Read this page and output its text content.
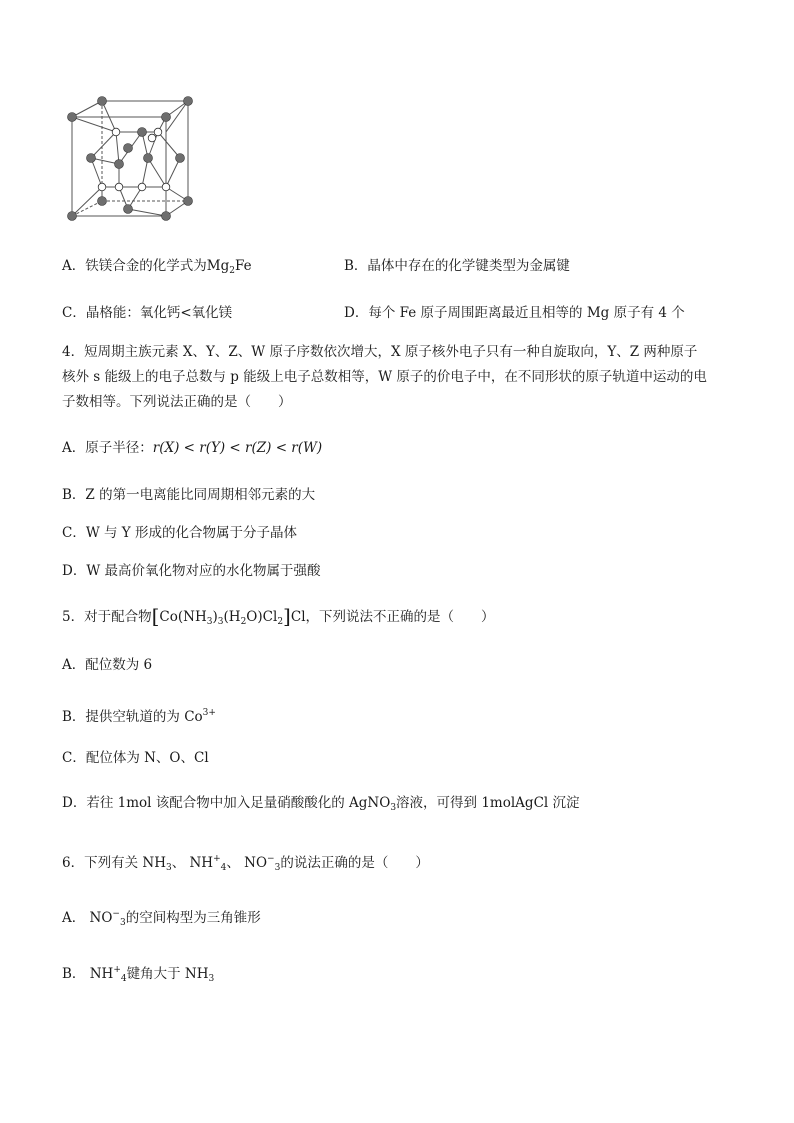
A．铁镁合金的化学式为$Mg_2Fe$	B．晶体中存在的化学键类型为金属键
C．晶格能：氧化钙<氧化镁	D．每个 Fe 原子周围距离最近且相等的 Mg 原子有 4 个
4．短周期主族元素 X、Y、Z、W 原子序数依次增大，X 原子核外电子只有一种自旋取向，Y、Z 两种原子
核外 s 能级上的电子总数与 p 能级上电子总数相等，W 原子的价电子中，在不同形状的原子轨道中运动的电
子数相等。下列说法正确的是（　　）
A．原子半径：r(X) < r(Y) < r(Z) < r(W)
B．Z 的第一电离能比同周期相邻元素的大
C．W 与 Y 形成的化合物属于分子晶体
D．W 最高价氧化物对应的水化物属于强酸
5．对于配合物$[Co(NH_3)_3(H_2O)Cl_2]Cl$，下列说法不正确的是（　　）
A．配位数为 6
B．提供空轨道的为 $Co^{3+}$
C．配位体为 N、O、Cl
D．若往 1mol 该配合物中加入足量硝酸酸化的 AgNO$_3$溶液，可得到 1molAgCl 沉淀
6．下列有关 $NH_3$、 $NH^+_4$、 $NO^-_3$的说法正确的是（　　）
A． $NO^-_3$的空间构型为三角锥形
B． $NH^+_4$键角大于 $NH_3$
